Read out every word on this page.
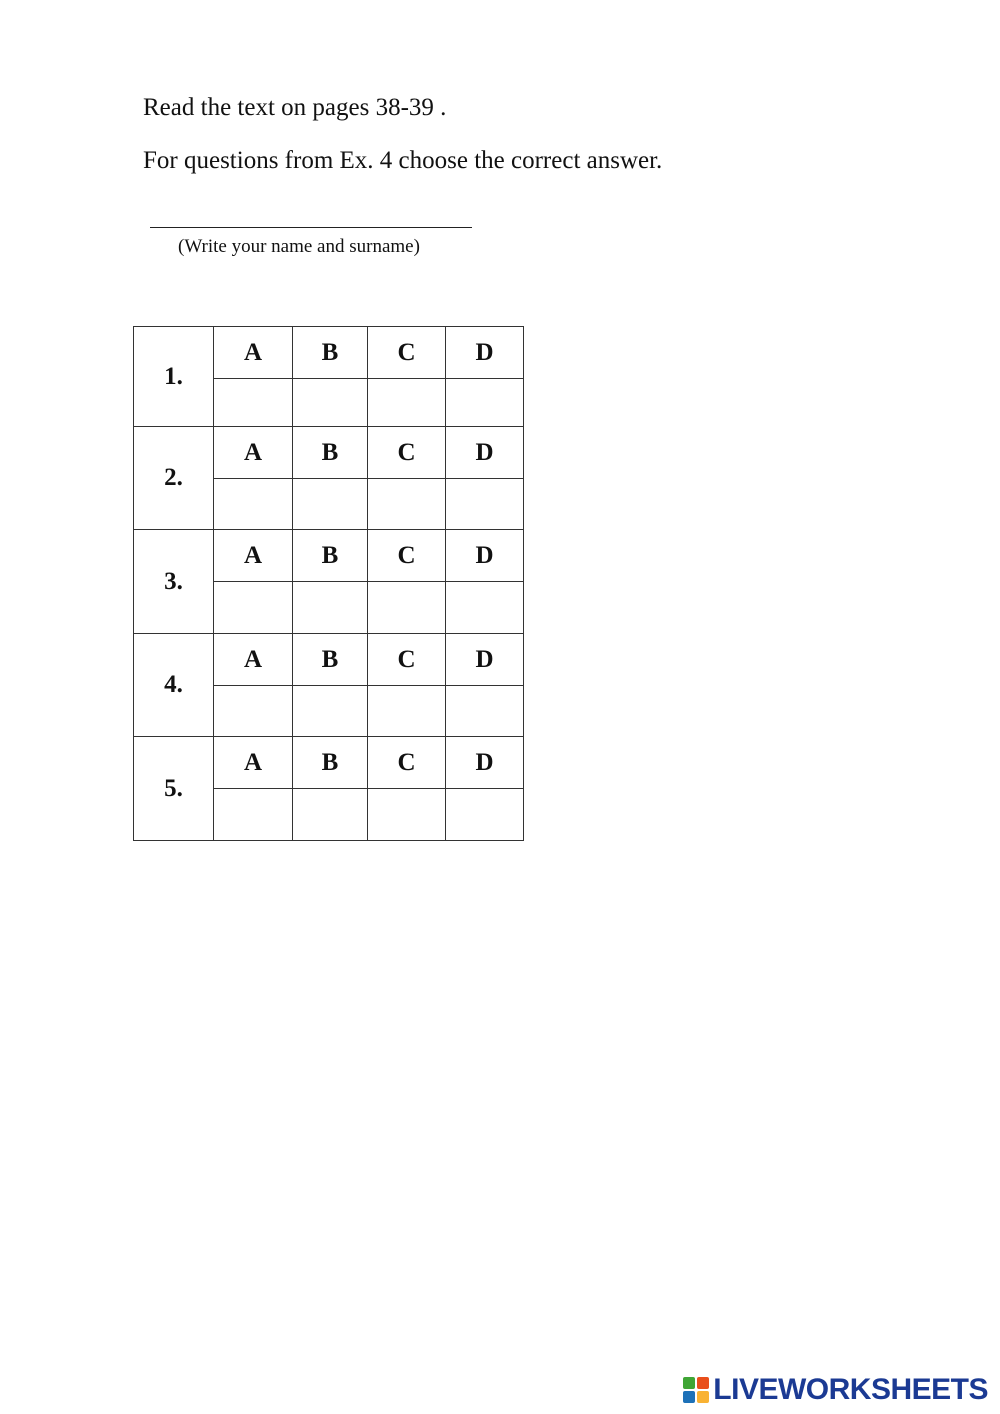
Read the text on pages 38-39 .
For questions from Ex. 4 choose the correct answer.
(Write your name and surname)
1.	A	B	C	D

2.	A	B	C	D

3.	A	B	C	D

4.	A	B	C	D

5.	A	B	C	D

LIVEWORKSHEETS
